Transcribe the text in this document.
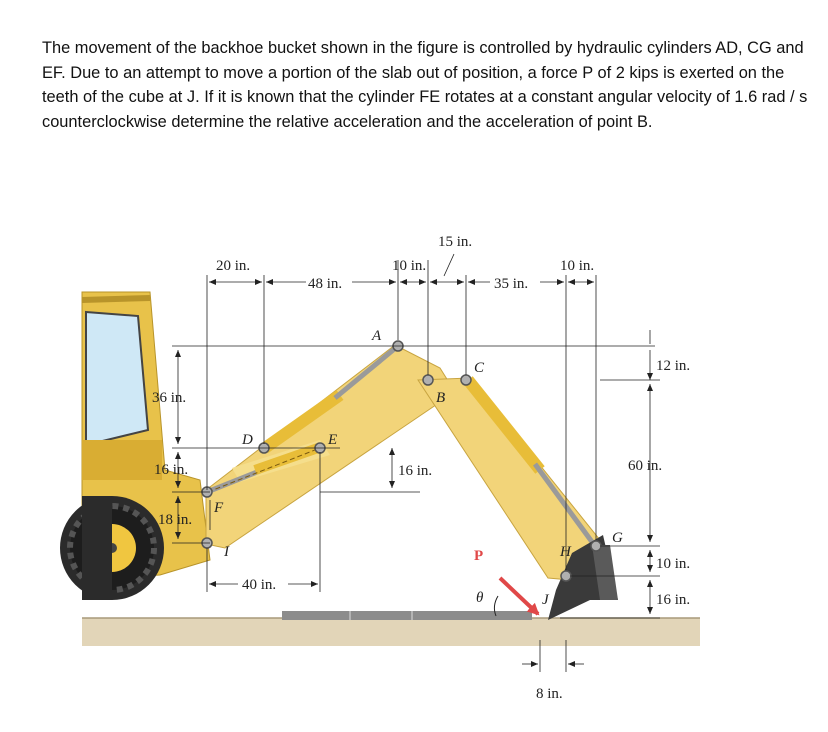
The movement of the backhoe bucket shown in the figure is controlled by hydraulic cylinders AD, CG and EF. Due to an attempt to move a portion of the slab out of position, a force P of 2 kips is exerted on the teeth of the cube at J. If it is known that the cylinder FE rotates at a constant angular velocity of 1.6 rad / s counterclockwise determine the relative acceleration and the acceleration of point B.
20 in.
48 in.
10 in.
15 in.
35 in.
10 in.
12 in.
36 in.
16 in.	16 in.
18 in.
60 in.
10 in.
16 in.
40 in.
8 in.
A
B
C
D	E
F
G
H
I
J
P
θ
